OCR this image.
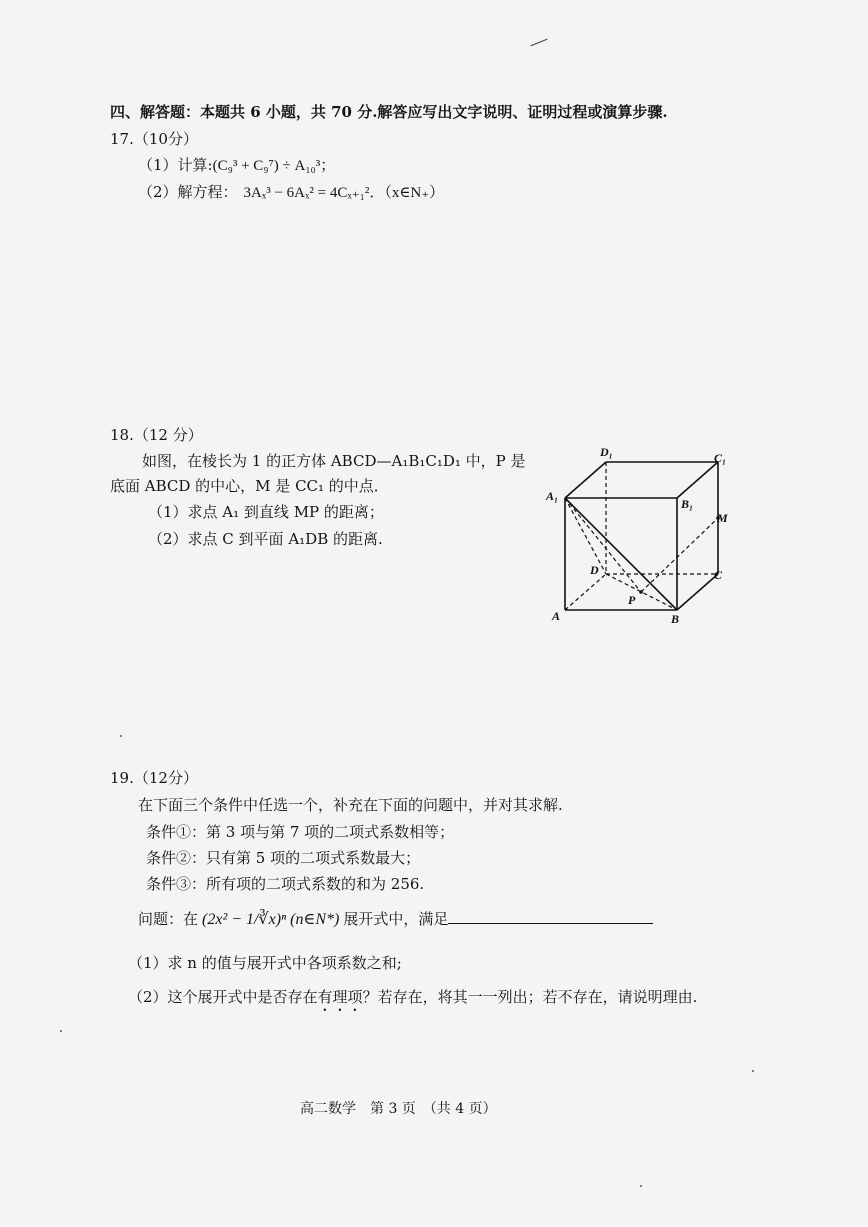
四、解答题：本题共 6 小题，共 70 分.解答应写出文字说明、证明过程或演算步骤.
17.（10分）
（1）计算:(C₉³ + C₉⁷) ÷ A₁₀³；
（2）解方程： 3Aₓ³ − 6Aₓ² = 4Cₓ₊₁²．（x∈N₊）
18.（12 分）
如图，在棱长为 1 的正方体 ABCD—A₁B₁C₁D₁ 中，P 是
底面 ABCD 的中心，M 是 CC₁ 的中点．
（1）求点 A₁ 到直线 MP 的距离；
（2）求点 C 到平面 A₁DB 的距离.
D₁	C₁
A₁
B₁
M
D	C
P
A	B
19.（12分）
在下面三个条件中任选一个，补充在下面的问题中，并对其求解.
条件①：第 3 项与第 7 项的二项式系数相等；
条件②：只有第 5 项的二项式系数最大；
条件③：所有项的二项式系数的和为 256.
问题：在 (2x² − 1/∛x)ⁿ (n∈N*) 展开式中，满足
（1）求 n 的值与展开式中各项系数之和;
（2）这个展开式中是否存在有理项？若存在，将其一一列出；若不存在，请说明理由.
高二数学　第 3 页　（共 4 页）
